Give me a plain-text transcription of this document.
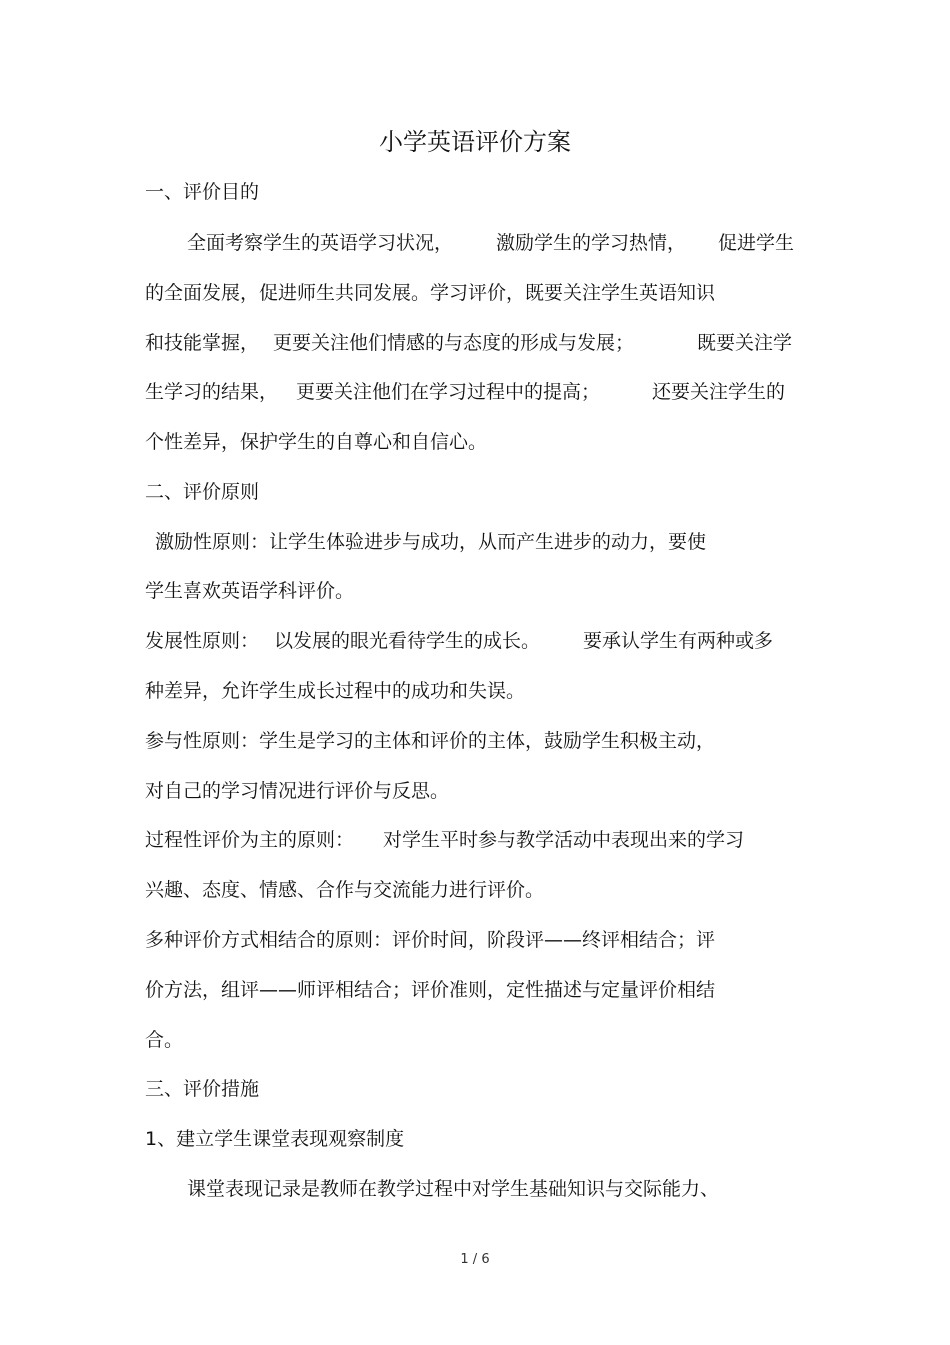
小学英语评价方案

一、评价目的

全面考察学生的英语学习状况，

激励学生的学习热情，

促进学生

的全面发展，促进师生共同发展。学习评价，既要关注学生英语知识

和技能掌握，

更要关注他们情感的与态度的形成与发展；

	既要关注学

生学习的结果，

更要关注他们在学习过程中的提高；

	还要关注学生的

个性差异，保护学生的自尊心和自信心。

二、评价原则

激励性原则：让学生体验进步与成功，从而产生进步的动力，要使

学生喜欢英语学科评价。

发展性原则：

以发展的眼光看待学生的成长。

要承认学生有两种或多

种差异，允许学生成长过程中的成功和失误。

参与性原则：学生是学习的主体和评价的主体，鼓励学生积极主动，

对自己的学习情况进行评价与反思。

过程性评价为主的原则：

对学生平时参与教学活动中表现出来的学习

兴趣、态度、情感、合作与交流能力进行评价。

多种评价方式相结合的原则：评价时间，阶段评——终评相结合；评

价方法，组评——师评相结合；评价准则，定性描述与定量评价相结

合。

三、评价措施

1、建立学生课堂表现观察制度

课堂表现记录是教师在教学过程中对学生基础知识与交际能力、

1 / 6
